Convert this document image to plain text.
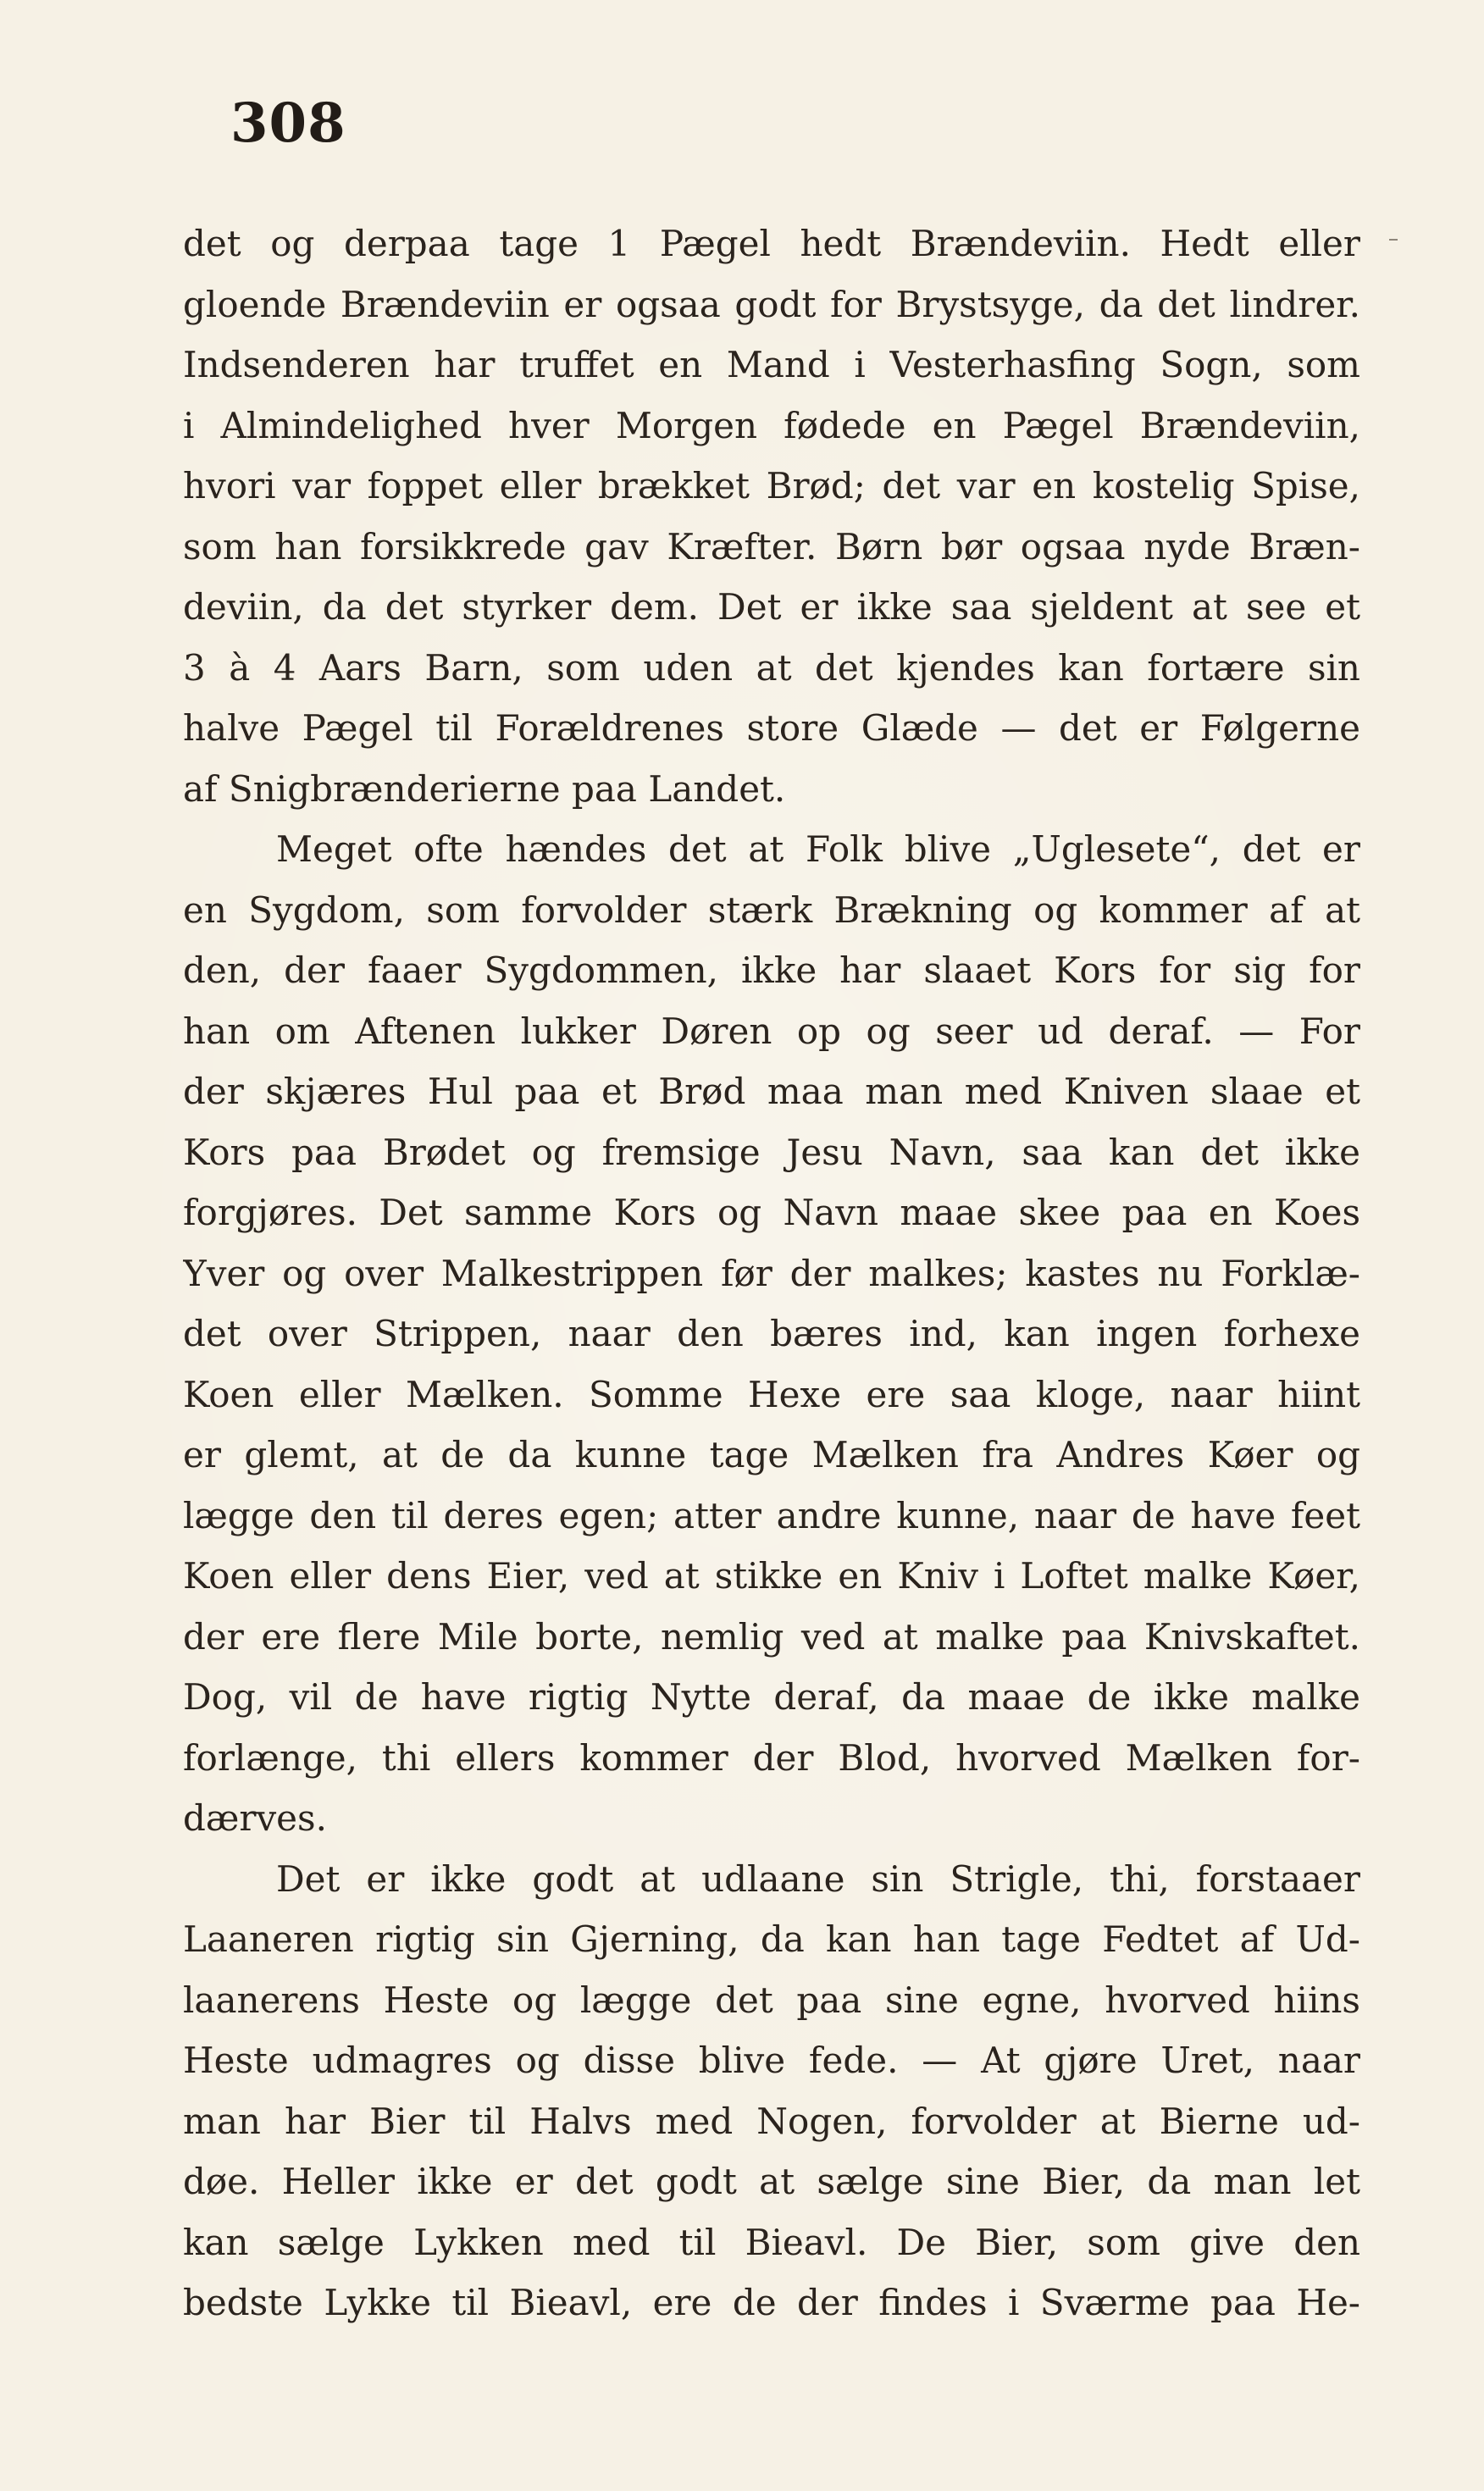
308
det og derpaa tage 1 Pægel hedt Brændeviin. Hedt eller
gloende Brændeviin er ogsaa godt for Brystsyge, da det lindrer.
Indsenderen har truffet en Mand i Vesterhasfing Sogn, som
i Almindelighed hver Morgen fødede en Pægel Brændeviin,
hvori var foppet eller brækket Brød; det var en kostelig Spise,
som han forsikkrede gav Kræfter. Børn bør ogsaa nyde Bræn-
deviin, da det styrker dem. Det er ikke saa sjeldent at see et
3 à 4 Aars Barn, som uden at det kjendes kan fortære sin
halve Pægel til Forældrenes store Glæde — det er Følgerne
af Snigbrænderierne paa Landet.
Meget ofte hændes det at Folk blive „Uglesete“, det er
en Sygdom, som forvolder stærk Brækning og kommer af at
den, der faaer Sygdommen, ikke har slaaet Kors for sig for
han om Aftenen lukker Døren op og seer ud deraf. — For
der skjæres Hul paa et Brød maa man med Kniven slaae et
Kors paa Brødet og fremsige Jesu Navn, saa kan det ikke
forgjøres. Det samme Kors og Navn maae skee paa en Koes
Yver og over Malkestrippen før der malkes; kastes nu Forklæ-
det over Strippen, naar den bæres ind, kan ingen forhexe
Koen eller Mælken. Somme Hexe ere saa kloge, naar hiint
er glemt, at de da kunne tage Mælken fra Andres Køer og
lægge den til deres egen; atter andre kunne, naar de have feet
Koen eller dens Eier, ved at stikke en Kniv i Loftet malke Køer,
der ere flere Mile borte, nemlig ved at malke paa Knivskaftet.
Dog, vil de have rigtig Nytte deraf, da maae de ikke malke
forlænge, thi ellers kommer der Blod, hvorved Mælken for-
dærves.
Det er ikke godt at udlaane sin Strigle, thi, forstaaer
Laaneren rigtig sin Gjerning, da kan han tage Fedtet af Ud-
laanerens Heste og lægge det paa sine egne, hvorved hiins
Heste udmagres og disse blive fede. — At gjøre Uret, naar
man har Bier til Halvs med Nogen, forvolder at Bierne ud-
døe. Heller ikke er det godt at sælge sine Bier, da man let
kan sælge Lykken med til Bieavl. De Bier, som give den
bedste Lykke til Bieavl, ere de der findes i Sværme paa He-
